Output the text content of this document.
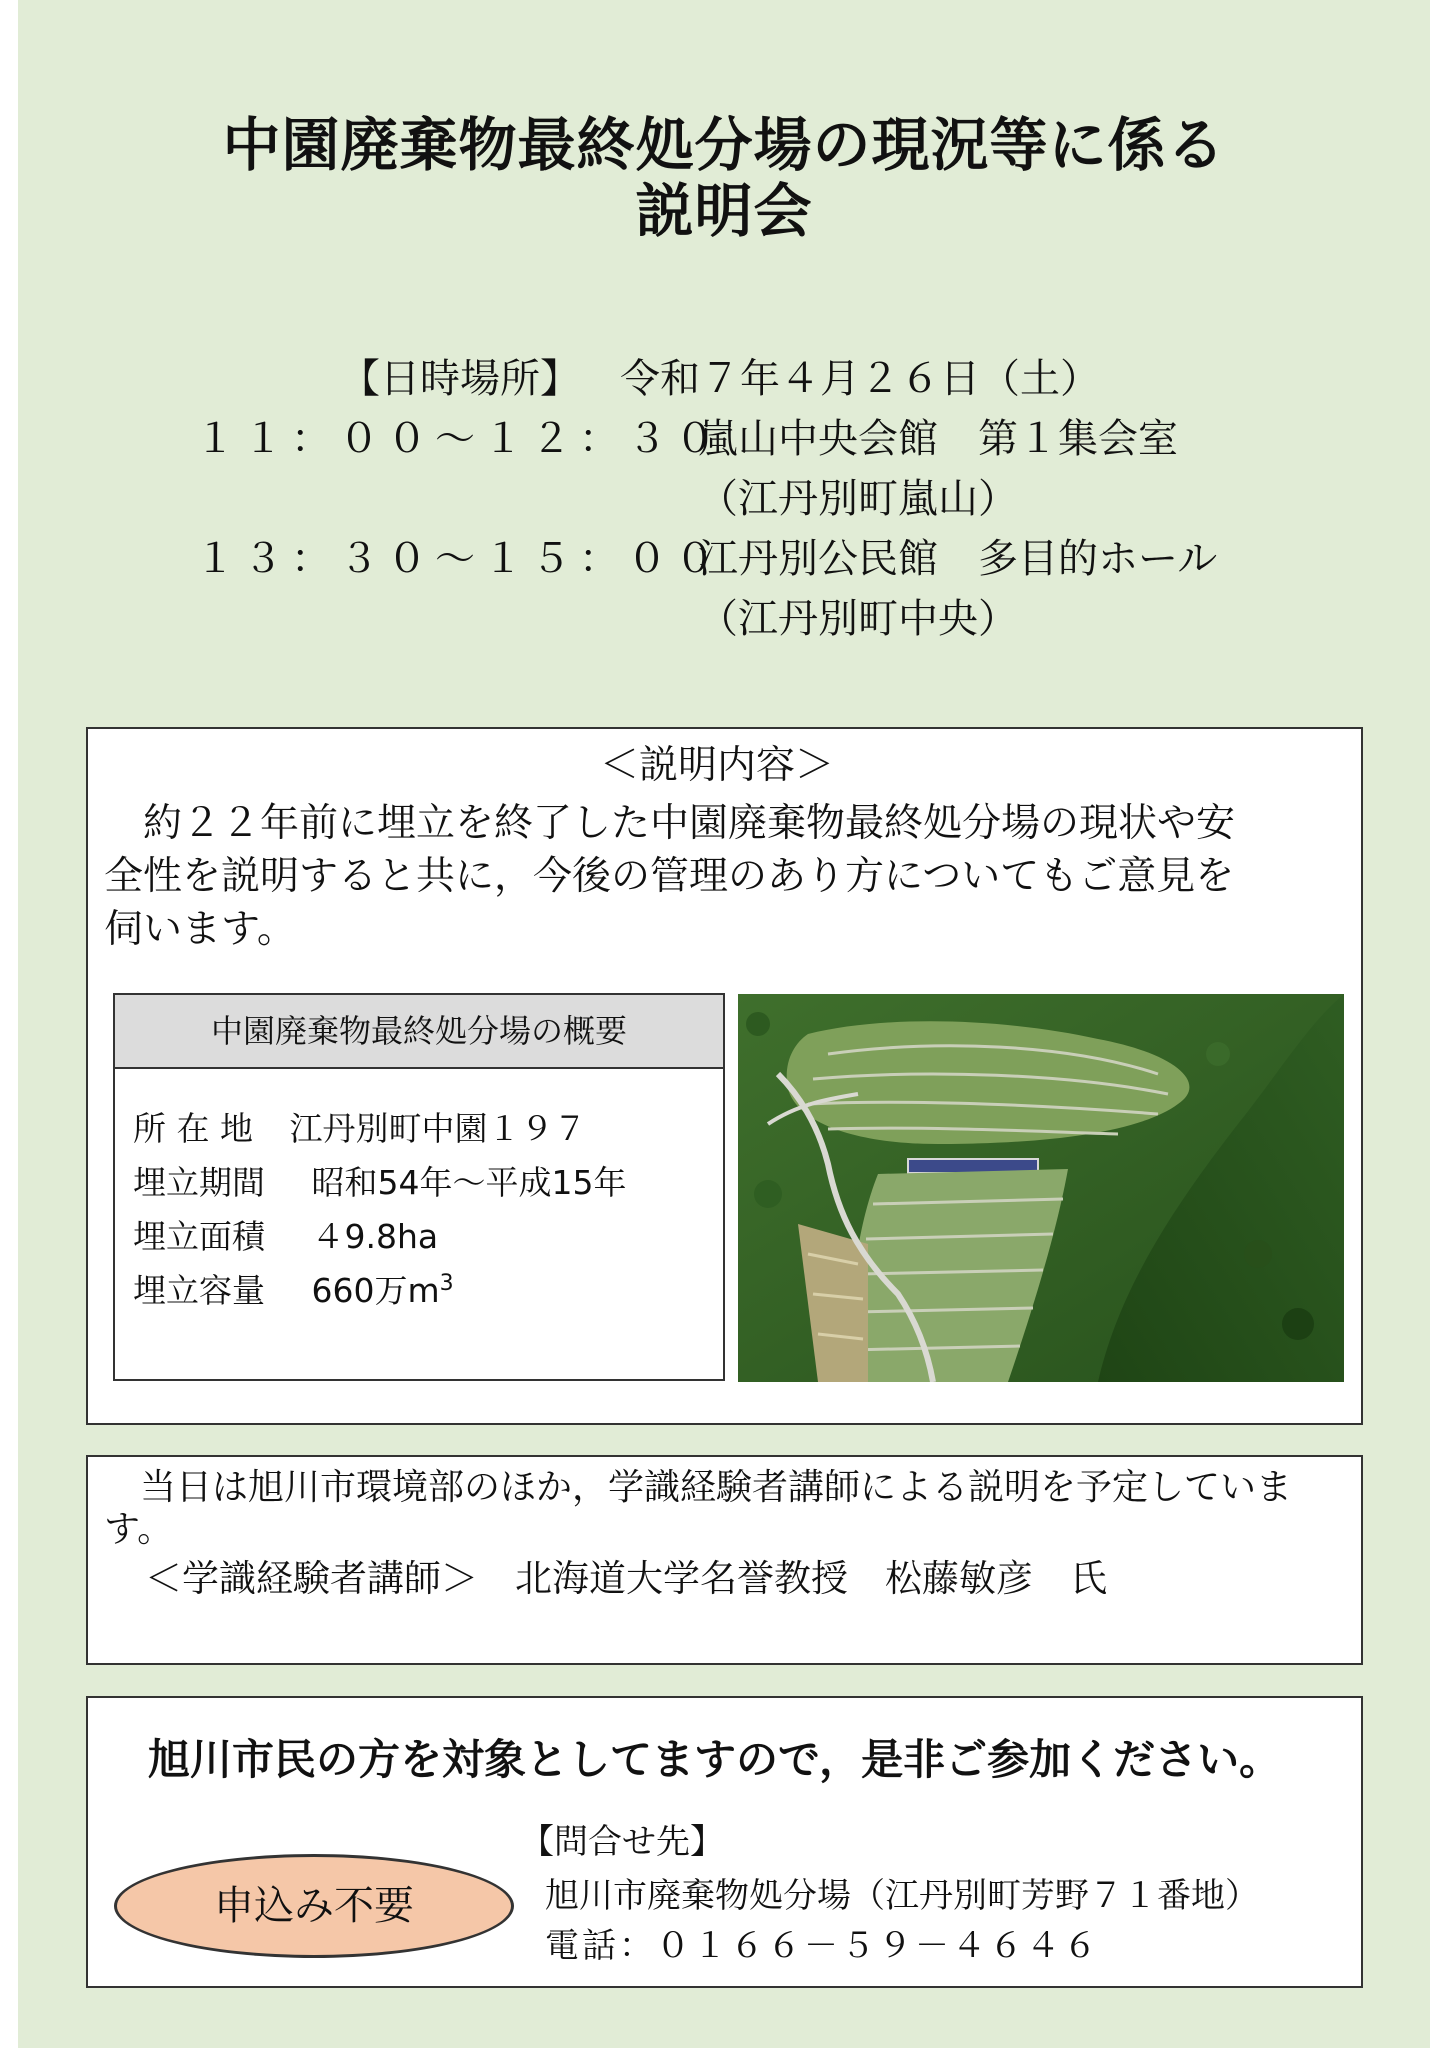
中園廃棄物最終処分場の現況等に係る
説明会
【日時場所】 令和７年４月２６日（土）
１１：００～１２：３０
嵐山中央会館　第１集会室
（江丹別町嵐山）
１３：３０～１５：００
江丹別公民館　多目的ホール
（江丹別町中央）
＜説明内容＞
　約２２年前に埋立を終了した中園廃棄物最終処分場の現状や安
全性を説明すると共に，今後の管理のあり方についてもご意見を
伺います。
中園廃棄物最終処分場の概要
所 在 地 江丹別町中園１９７
埋立期間 昭和54年～平成15年
埋立面積 ４9.8ha
埋立容量 660万$m^3$
　当日は旭川市環境部のほか，学識経験者講師による説明を予定していま
す。
＜学識経験者講師＞ 北海道大学名誉教授　松藤敏彦　氏
旭川市民の方を対象としてますので，是非ご参加ください。
申込み不要
【問合せ先】
旭川市廃棄物処分場（江丹別町芳野７１番地）
電話：０１６６－５９－４６４６
